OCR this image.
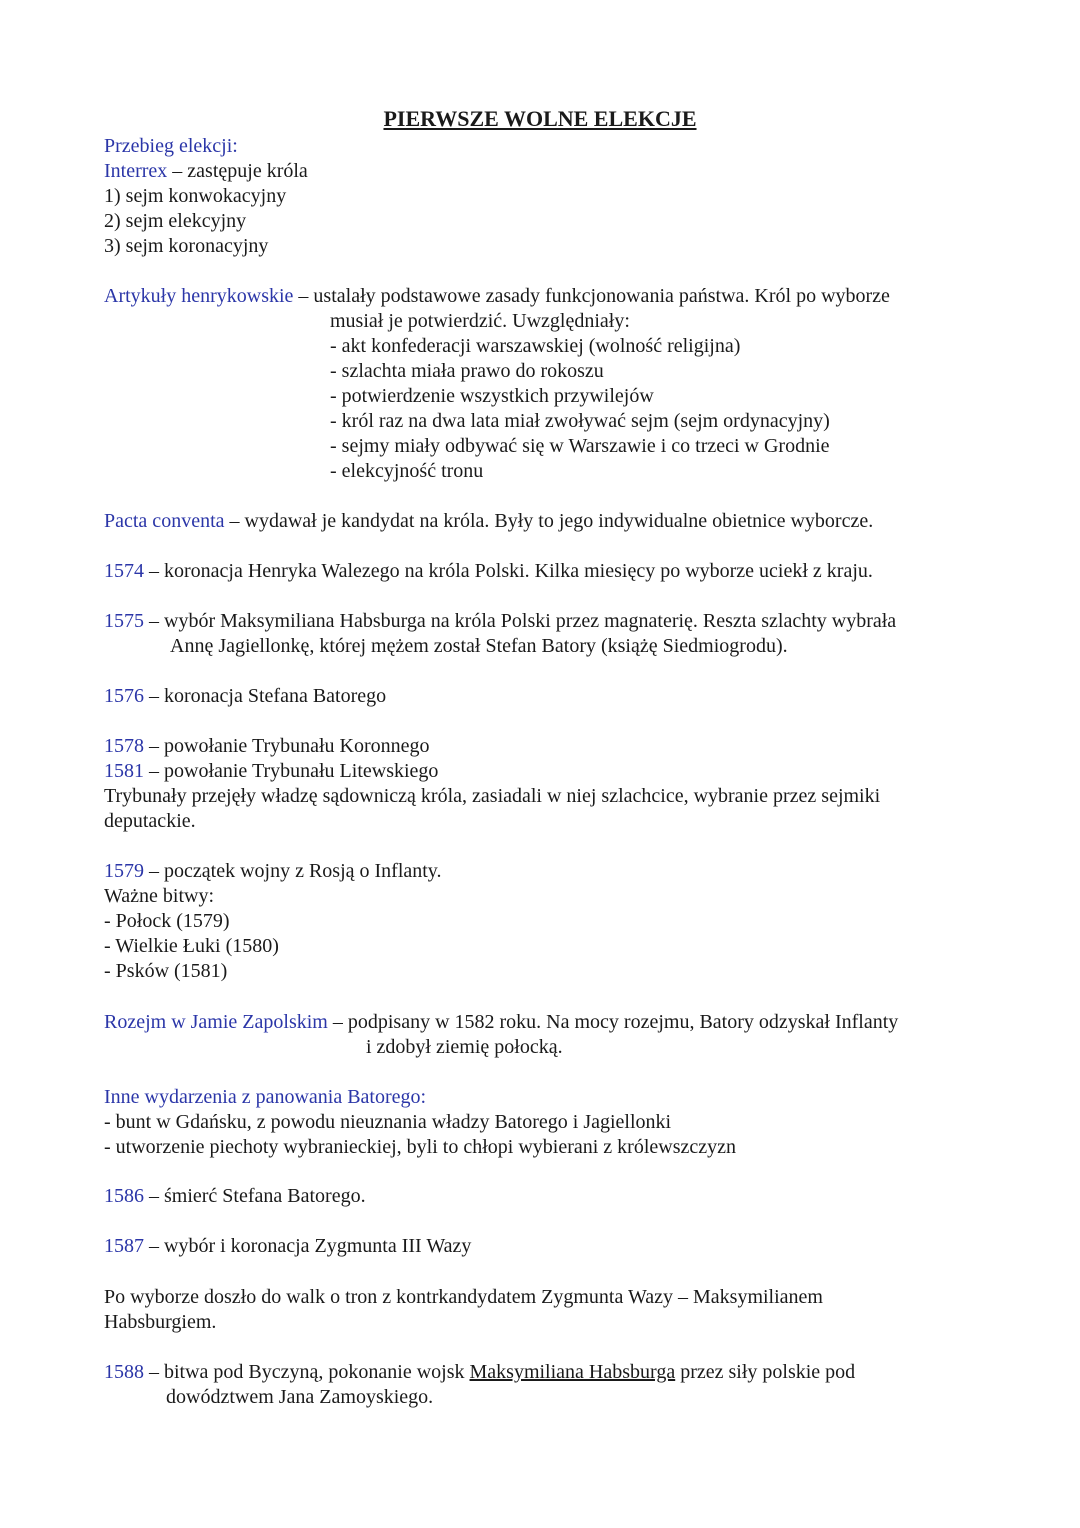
PIERWSZE WOLNE ELEKCJE
Przebieg elekcji:
Interrex – zastępuje króla
1) sejm konwokacyjny
2) sejm elekcyjny
3) sejm koronacyjny
Artykuły henrykowskie – ustalały podstawowe zasady funkcjonowania państwa. Król po wyborze
musiał je potwierdzić. Uwzględniały:
- akt konfederacji warszawskiej (wolność religijna)
- szlachta miała prawo do rokoszu
- potwierdzenie wszystkich przywilejów
- król raz na dwa lata miał zwoływać sejm (sejm ordynacyjny)
- sejmy miały odbywać się w Warszawie i co trzeci w Grodnie
- elekcyjność tronu
Pacta conventa – wydawał je kandydat na króla. Były to jego indywidualne obietnice wyborcze.
1574 – koronacja Henryka Walezego na króla Polski. Kilka miesięcy po wyborze uciekł z kraju.
1575 – wybór Maksymiliana Habsburga na króla Polski przez magnaterię. Reszta szlachty wybrała
Annę Jagiellonkę, której mężem został Stefan Batory (książę Siedmiogrodu).
1576 – koronacja Stefana Batorego
1578 – powołanie Trybunału Koronnego
1581 – powołanie Trybunału Litewskiego
Trybunały przejęły władzę sądowniczą króla, zasiadali w niej szlachcice, wybranie przez sejmiki
deputackie.
1579 – początek wojny z Rosją o Inflanty.
Ważne bitwy:
- Połock (1579)
- Wielkie Łuki (1580)
- Psków (1581)
Rozejm w Jamie Zapolskim – podpisany w 1582 roku. Na mocy rozejmu, Batory odzyskał Inflanty
i zdobył ziemię połocką.
Inne wydarzenia z panowania Batorego:
- bunt w Gdańsku, z powodu nieuznania władzy Batorego i Jagiellonki
- utworzenie piechoty wybranieckiej, byli to chłopi wybierani z królewszczyzn
1586 – śmierć Stefana Batorego.
1587 – wybór i koronacja Zygmunta III Wazy
Po wyborze doszło do walk o tron z kontrkandydatem Zygmunta Wazy – Maksymilianem
Habsburgiem.
1588 – bitwa pod Byczyną, pokonanie wojsk Maksymiliana Habsburga przez siły polskie pod
dowództwem Jana Zamoyskiego.
